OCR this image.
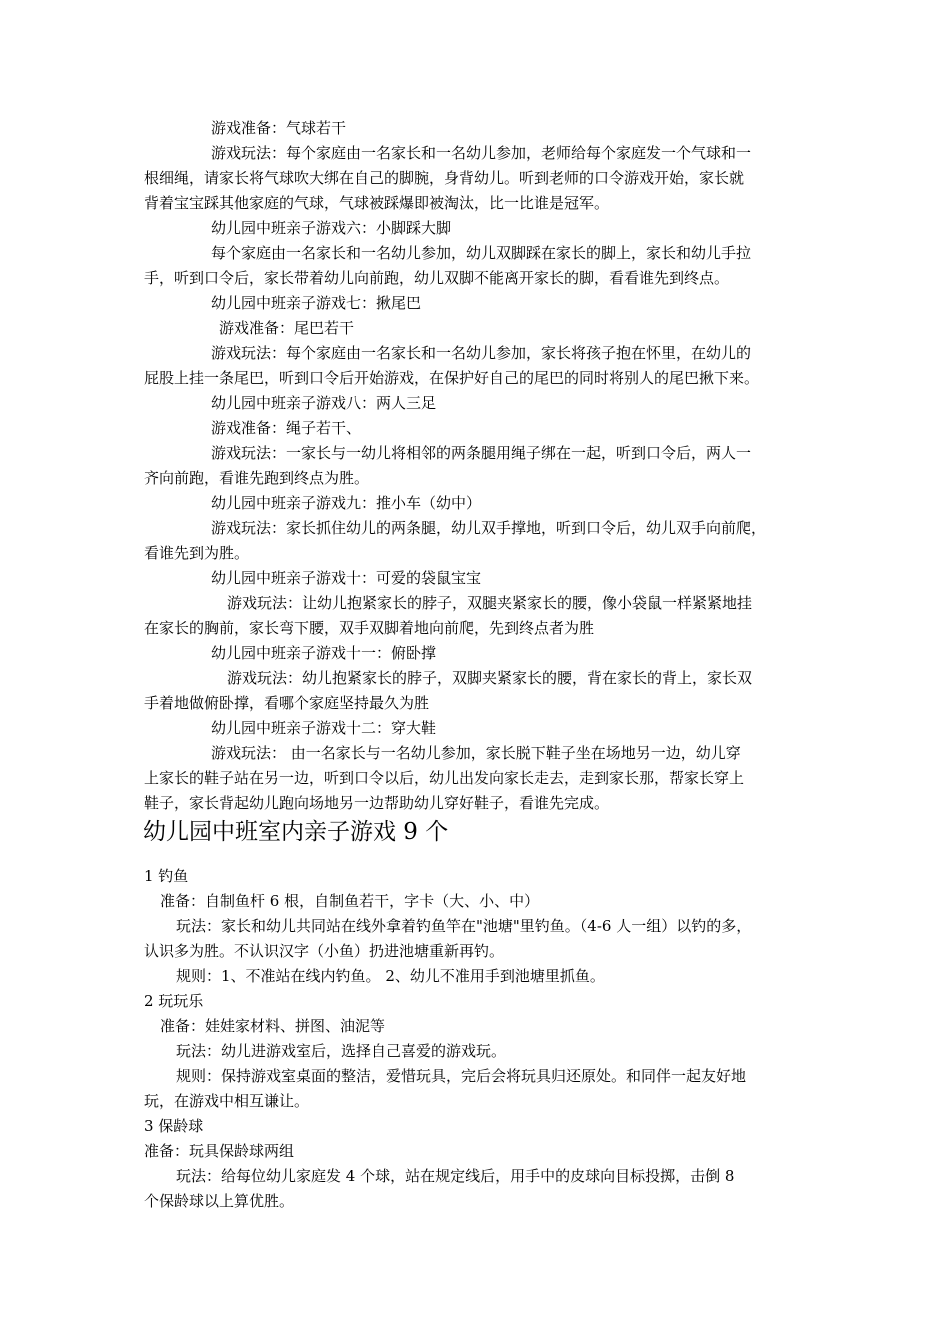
游戏准备：气球若干
游戏玩法：每个家庭由一名家长和一名幼儿参加，老师给每个家庭发一个气球和一
根细绳，请家长将气球吹大绑在自己的脚腕，身背幼儿。听到老师的口令游戏开始，家长就
背着宝宝踩其他家庭的气球，气球被踩爆即被淘汰，比一比谁是冠军。
幼儿园中班亲子游戏六：小脚踩大脚
每个家庭由一名家长和一名幼儿参加，幼儿双脚踩在家长的脚上，家长和幼儿手拉
手，听到口令后，家长带着幼儿向前跑，幼儿双脚不能离开家长的脚，看看谁先到终点。
幼儿园中班亲子游戏七：揪尾巴
游戏准备：尾巴若干
游戏玩法：每个家庭由一名家长和一名幼儿参加，家长将孩子抱在怀里，在幼儿的
屁股上挂一条尾巴，听到口令后开始游戏，在保护好自己的尾巴的同时将别人的尾巴揪下来。
幼儿园中班亲子游戏八：两人三足
游戏准备：绳子若干、
游戏玩法：一家长与一幼儿将相邻的两条腿用绳子绑在一起，听到口令后，两人一
齐向前跑，看谁先跑到终点为胜。
幼儿园中班亲子游戏九：推小车（幼中）
游戏玩法：家长抓住幼儿的两条腿，幼儿双手撑地，听到口令后，幼儿双手向前爬，
看谁先到为胜。
幼儿园中班亲子游戏十：可爱的袋鼠宝宝
游戏玩法：让幼儿抱紧家长的脖子，双腿夹紧家长的腰，像小袋鼠一样紧紧地挂
在家长的胸前，家长弯下腰，双手双脚着地向前爬，先到终点者为胜
幼儿园中班亲子游戏十一：俯卧撑
游戏玩法：幼儿抱紧家长的脖子，双脚夹紧家长的腰，背在家长的背上，家长双
手着地做俯卧撑，看哪个家庭坚持最久为胜
幼儿园中班亲子游戏十二：穿大鞋
游戏玩法： 由一名家长与一名幼儿参加，家长脱下鞋子坐在场地另一边，幼儿穿
上家长的鞋子站在另一边，听到口令以后，幼儿出发向家长走去，走到家长那，帮家长穿上
鞋子，家长背起幼儿跑向场地另一边帮助幼儿穿好鞋子，看谁先完成。
幼儿园中班室内亲子游戏 9 个
1 钓鱼
准备：自制鱼杆 6 根，自制鱼若干，字卡（大、小、中）
玩法：家长和幼儿共同站在线外拿着钓鱼竿在"池塘"里钓鱼。（4-6 人一组）以钓的多，
认识多为胜。不认识汉字（小鱼）扔进池塘重新再钓。
规则：1、不准站在线内钓鱼。 2、幼儿不准用手到池塘里抓鱼。
2 玩玩乐
准备：娃娃家材料、拼图、油泥等
玩法：幼儿进游戏室后，选择自己喜爱的游戏玩。
规则：保持游戏室桌面的整洁，爱惜玩具，完后会将玩具归还原处。和同伴一起友好地
玩，在游戏中相互谦让。
3 保龄球
准备：玩具保龄球两组
玩法：给每位幼儿家庭发 4 个球，站在规定线后，用手中的皮球向目标投掷，击倒 8
个保龄球以上算优胜。
